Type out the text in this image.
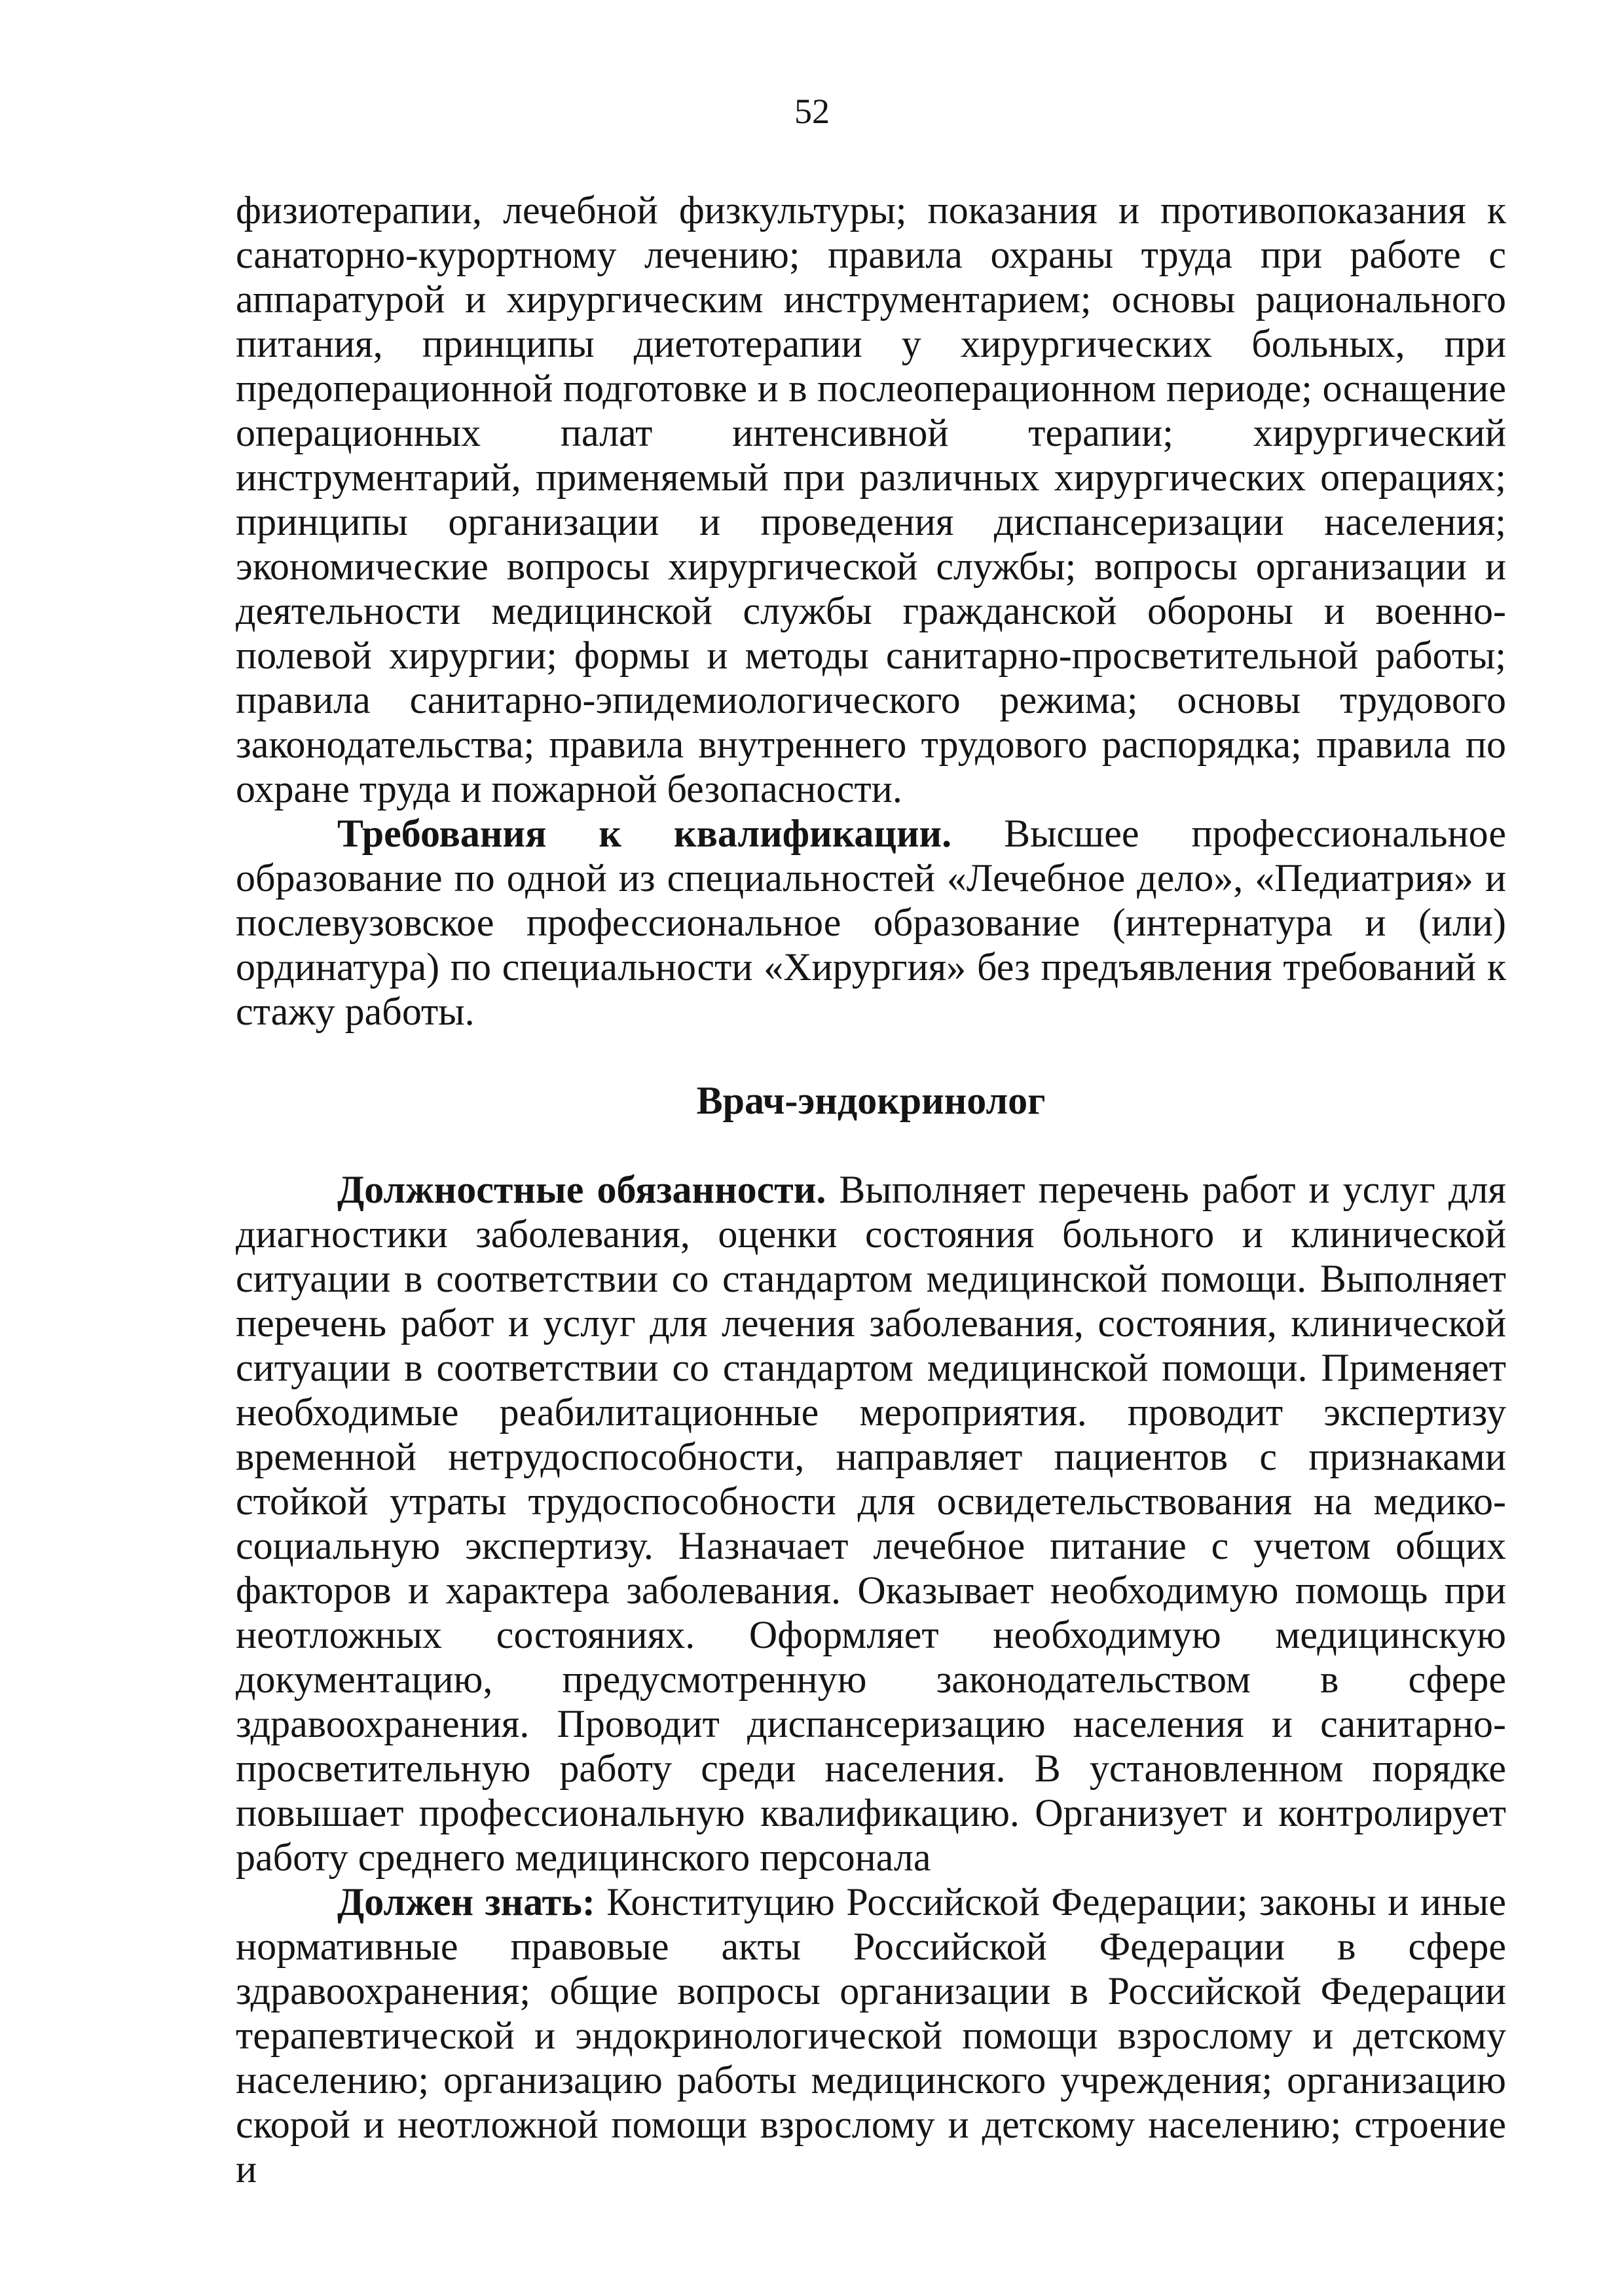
52

физиотерапии, лечебной физкультуры; показания и противопоказания к санаторно-курортному лечению; правила охраны труда при работе с аппаратурой и хирургическим инструментарием; основы рационального питания, принципы диетотерапии у хирургических больных, при предоперационной подготовке и в послеоперационном периоде; оснащение операционных палат интенсивной терапии; хирургический инструментарий, применяемый при различных хирургических операциях; принципы организации и проведения диспансеризации населения; экономические вопросы хирургической службы; вопросы организации и деятельности медицинской службы гражданской обороны и военно-полевой хирургии; формы и методы санитарно-просветительной работы; правила санитарно-эпидемиологического режима; основы трудового законодательства; правила внутреннего трудового распорядка; правила по охране труда и пожарной безопасности.

Требования к квалификации. Высшее профессиональное образование по одной из специальностей «Лечебное дело», «Педиатрия» и послевузовское профессиональное образование (интернатура и (или) ординатура) по специальности «Хирургия» без предъявления требований к стажу работы.

Врач-эндокринолог

Должностные обязанности. Выполняет перечень работ и услуг для диагностики заболевания, оценки состояния больного и клинической ситуации в соответствии со стандартом медицинской помощи. Выполняет перечень работ и услуг для лечения заболевания, состояния, клинической ситуации в соответствии со стандартом медицинской помощи. Применяет необходимые реабилитационные мероприятия. проводит экспертизу временной нетрудоспособности, направляет пациентов с признаками стойкой утраты трудоспособности для освидетельствования на медико-социальную экспертизу. Назначает лечебное питание с учетом общих факторов и характера заболевания. Оказывает необходимую помощь при неотложных состояниях. Оформляет необходимую медицинскую документацию, предусмотренную законодательством в сфере здравоохранения. Проводит диспансеризацию населения и санитарно-просветительную работу среди населения. В установленном порядке повышает профессиональную квалификацию. Организует и контролирует работу среднего медицинского персонала

Должен знать: Конституцию Российской Федерации; законы и иные нормативные правовые акты Российской Федерации в сфере здравоохранения; общие вопросы организации в Российской Федерации терапевтической и эндокринологической помощи взрослому и детскому населению; организацию работы медицинского учреждения; организацию скорой и неотложной помощи взрослому и детскому населению; строение и
